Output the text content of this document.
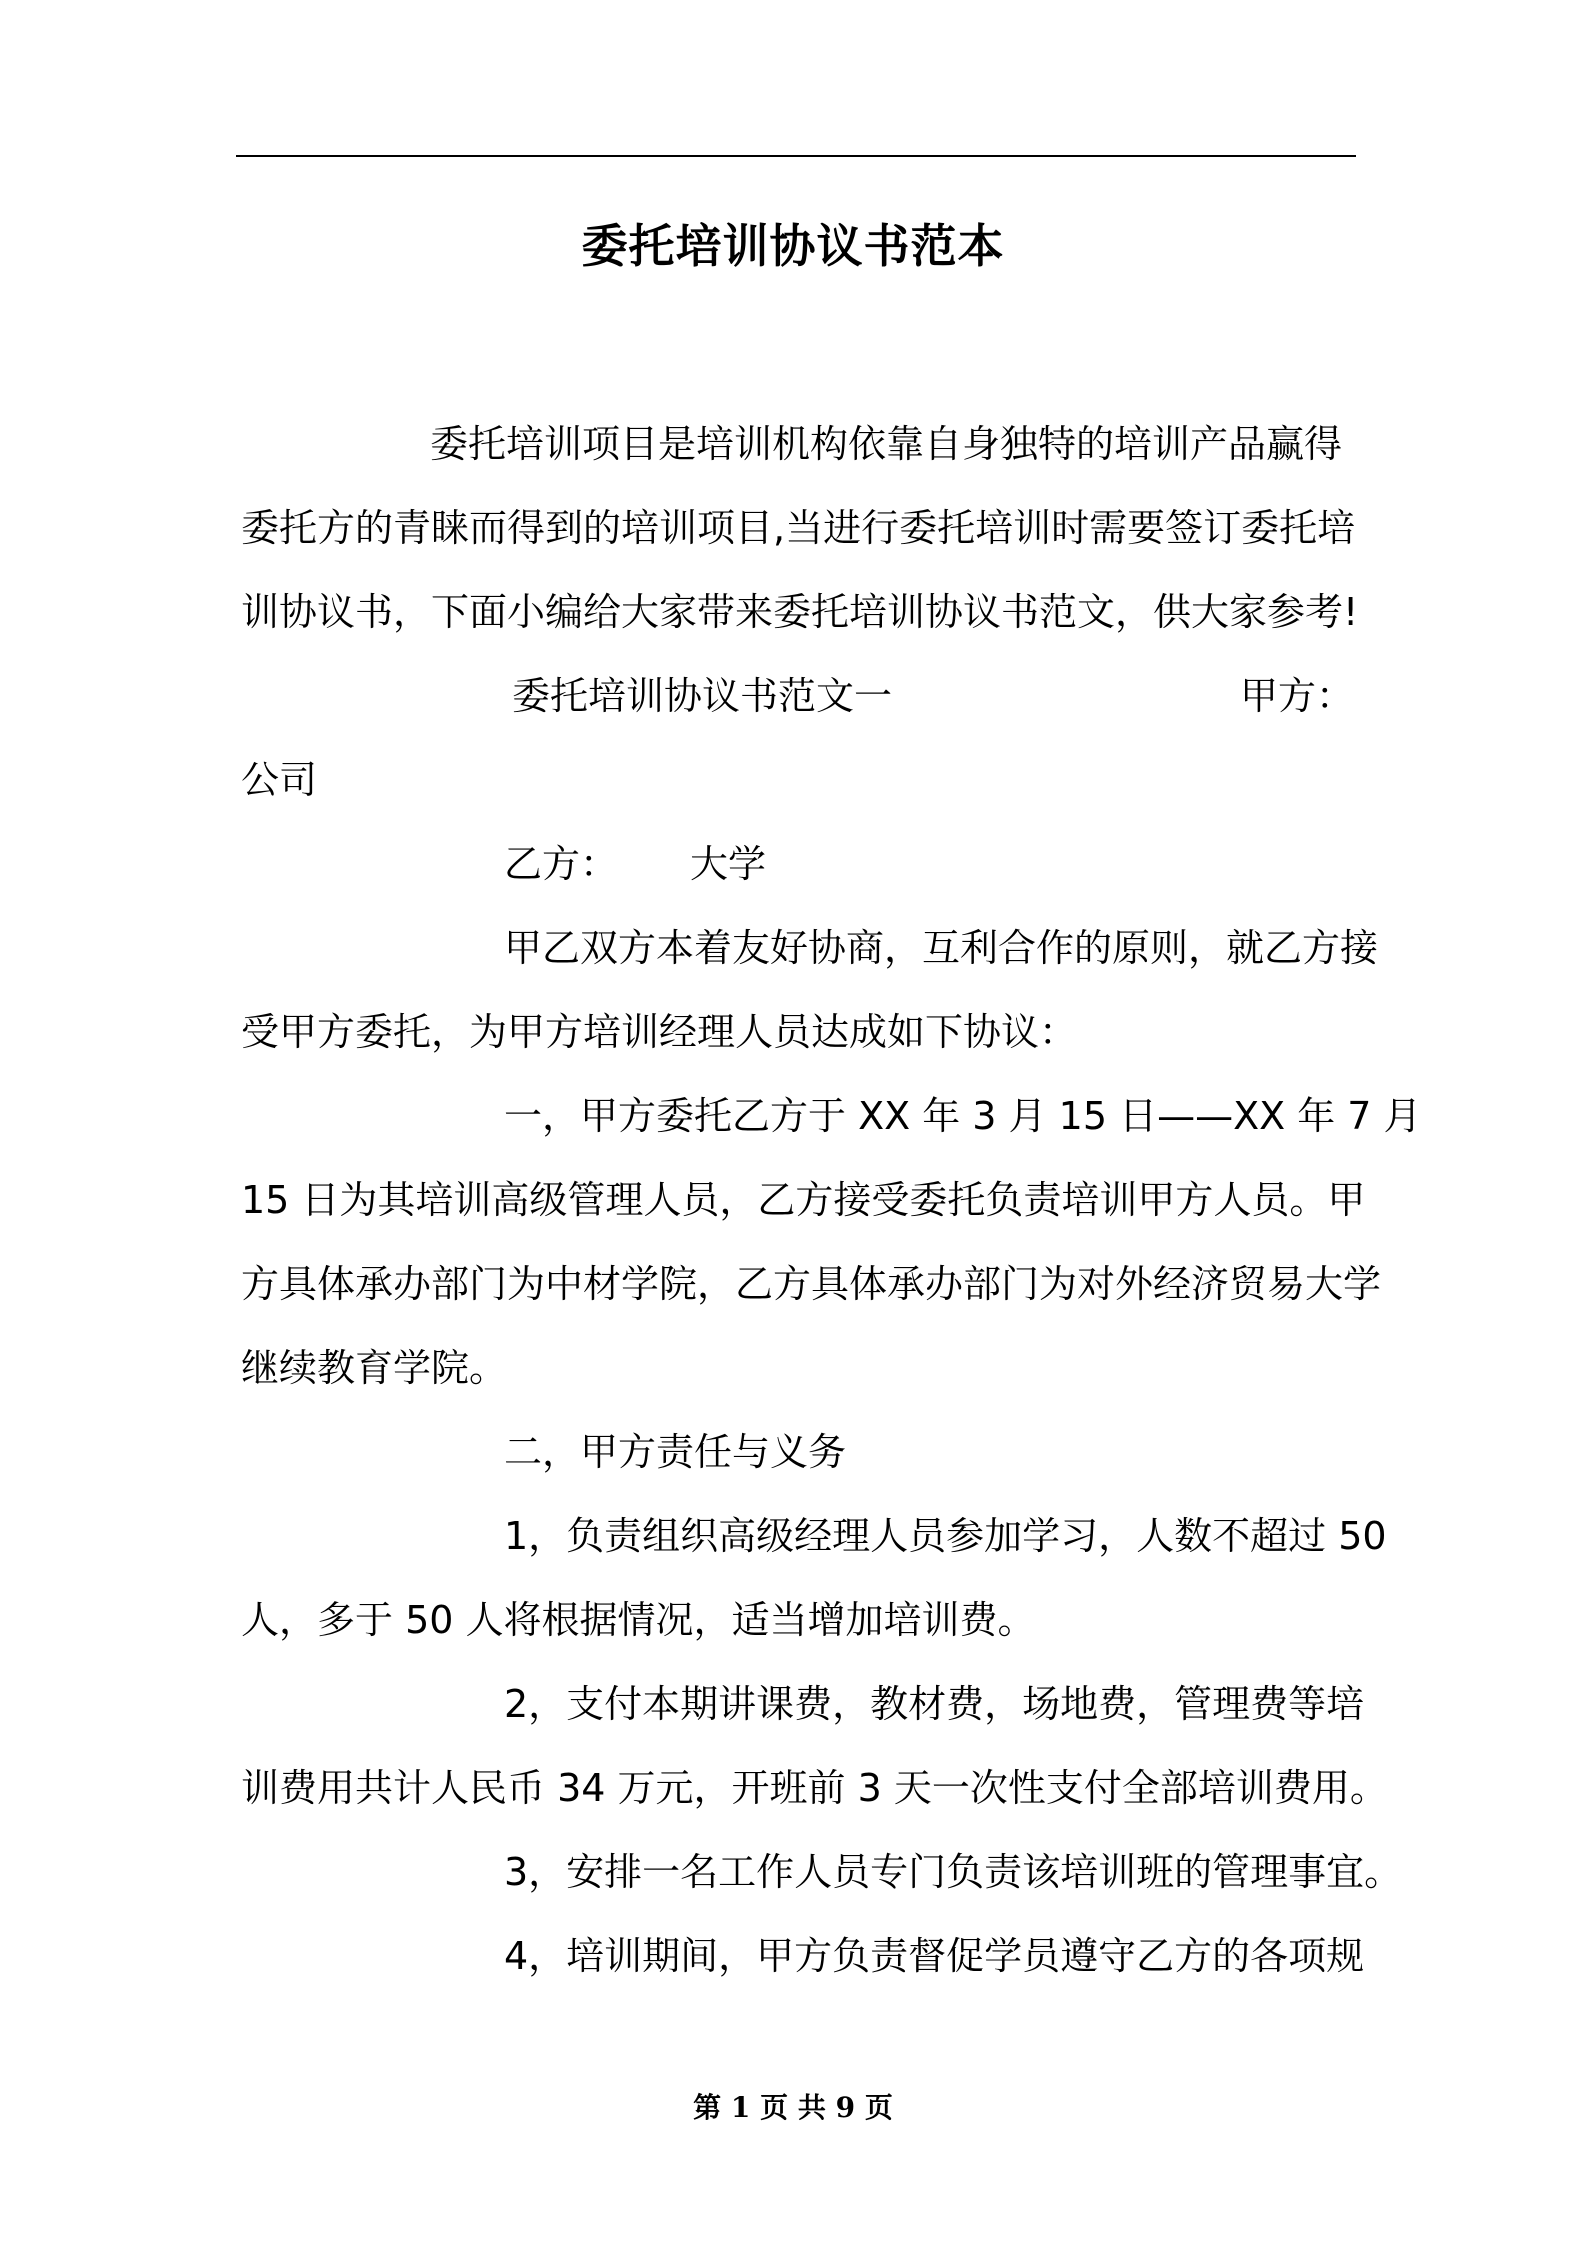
委托培训协议书范本
委托培训项目是培训机构依靠自身独特的培训产品赢得
委托方的青睐而得到的培训项目,当进行委托培训时需要签订委托培
训协议书，下面小编给大家带来委托培训协议书范文，供大家参考!
委托培训协议书范文一	甲方：
公司
乙方： 大学
甲乙双方本着友好协商，互利合作的原则，就乙方接
受甲方委托，为甲方培训经理人员达成如下协议：
一，甲方委托乙方于 XX 年 3 月 15 日——XX 年 7 月
15 日为其培训高级管理人员，乙方接受委托负责培训甲方人员。甲
方具体承办部门为中材学院，乙方具体承办部门为对外经济贸易大学
继续教育学院。
二，甲方责任与义务
1，负责组织高级经理人员参加学习，人数不超过 50
人，多于 50 人将根据情况，适当增加培训费。
2，支付本期讲课费，教材费，场地费，管理费等培
训费用共计人民币 34 万元，开班前 3 天一次性支付全部培训费用。
3，安排一名工作人员专门负责该培训班的管理事宜。
4，培训期间，甲方负责督促学员遵守乙方的各项规
第 1 页 共 9 页
